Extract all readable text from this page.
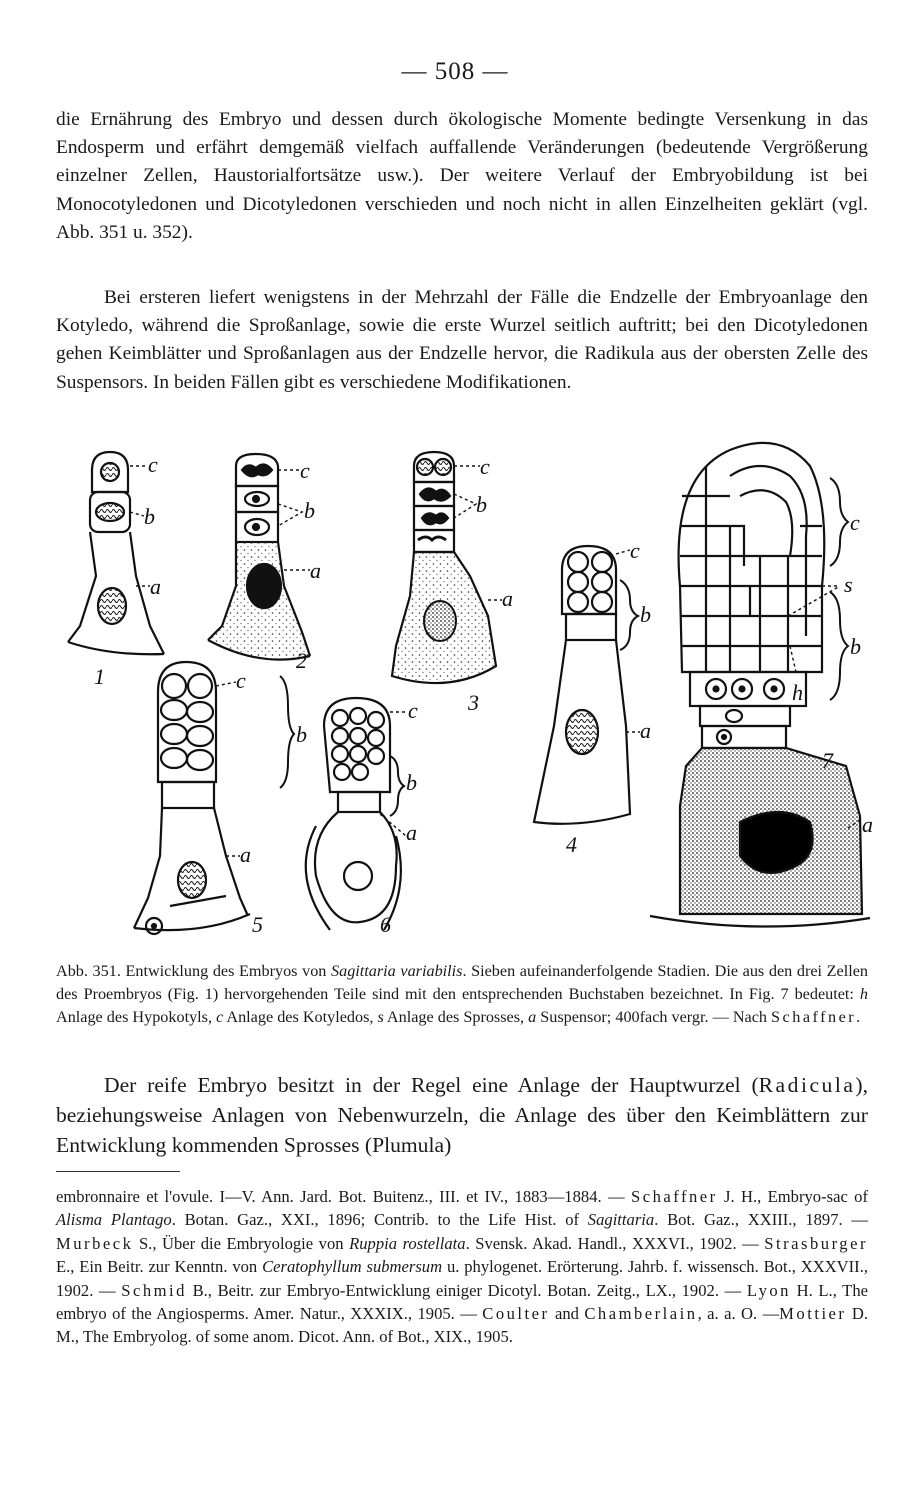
— 508 —

die Ernährung des Embryo und dessen durch ökologische Momente bedingte Versenkung in das Endosperm und erfährt demgemäß vielfach auffallende Veränderungen (bedeutende Vergrößerung einzelner Zellen, Haustorialfortsätze usw.). Der weitere Verlauf der Embryobildung ist bei Monocotyledonen und Dicotyledonen verschieden und noch nicht in allen Einzelheiten geklärt (vgl. Abb. 351 u. 352).

Bei ersteren liefert wenigstens in der Mehrzahl der Fälle die Endzelle der Embryoanlage den Kotyledo, während die Sproßanlage, sowie die erste Wurzel seitlich auftritt; bei den Dicotyledonen gehen Keimblätter und Sproßanlagen aus der Endzelle hervor, die Radikula aus der obersten Zelle des Suspensors. In beiden Fällen gibt es verschiedene Modifikationen.

c
b
a
1
c
b
a
2
c
b
a
3
c
b
a
4
c
b
a
5
c
b
a
6
c
s
b
h
7
a

Abb. 351. Entwicklung des Embryos von Sagittaria variabilis. Sieben aufeinanderfolgende Stadien. Die aus den drei Zellen des Proembryos (Fig. 1) hervorgehenden Teile sind mit den entsprechenden Buchstaben bezeichnet. In Fig. 7 bedeutet: h Anlage des Hypokotyls, c Anlage des Kotyledos, s Anlage des Sprosses, a Suspensor; 400fach vergr. — Nach Schaffner.

Der reife Embryo besitzt in der Regel eine Anlage der Hauptwurzel (Radicula), beziehungsweise Anlagen von Nebenwurzeln, die Anlage des über den Keimblättern zur Entwicklung kommenden Sprosses (Plumula)

embronnaire et l'ovule. I—V. Ann. Jard. Bot. Buitenz., III. et IV., 1883—1884. — Schaffner J. H., Embryo-sac of Alisma Plantago. Botan. Gaz., XXI., 1896; Contrib. to the Life Hist. of Sagittaria. Bot. Gaz., XXIII., 1897. — Murbeck S., Über die Embryologie von Ruppia rostellata. Svensk. Akad. Handl., XXXVI., 1902. — Strasburger E., Ein Beitr. zur Kenntn. von Ceratophyllum submersum u. phylogenet. Erörterung. Jahrb. f. wissensch. Bot., XXXVII., 1902. — Schmid B., Beitr. zur Embryo-Entwicklung einiger Dicotyl. Botan. Zeitg., LX., 1902. — Lyon H. L., The embryo of the Angiosperms. Amer. Natur., XXXIX., 1905. — Coulter and Chamberlain, a. a. O. —Mottier D. M., The Embryolog. of some anom. Dicot. Ann. of Bot., XIX., 1905.
